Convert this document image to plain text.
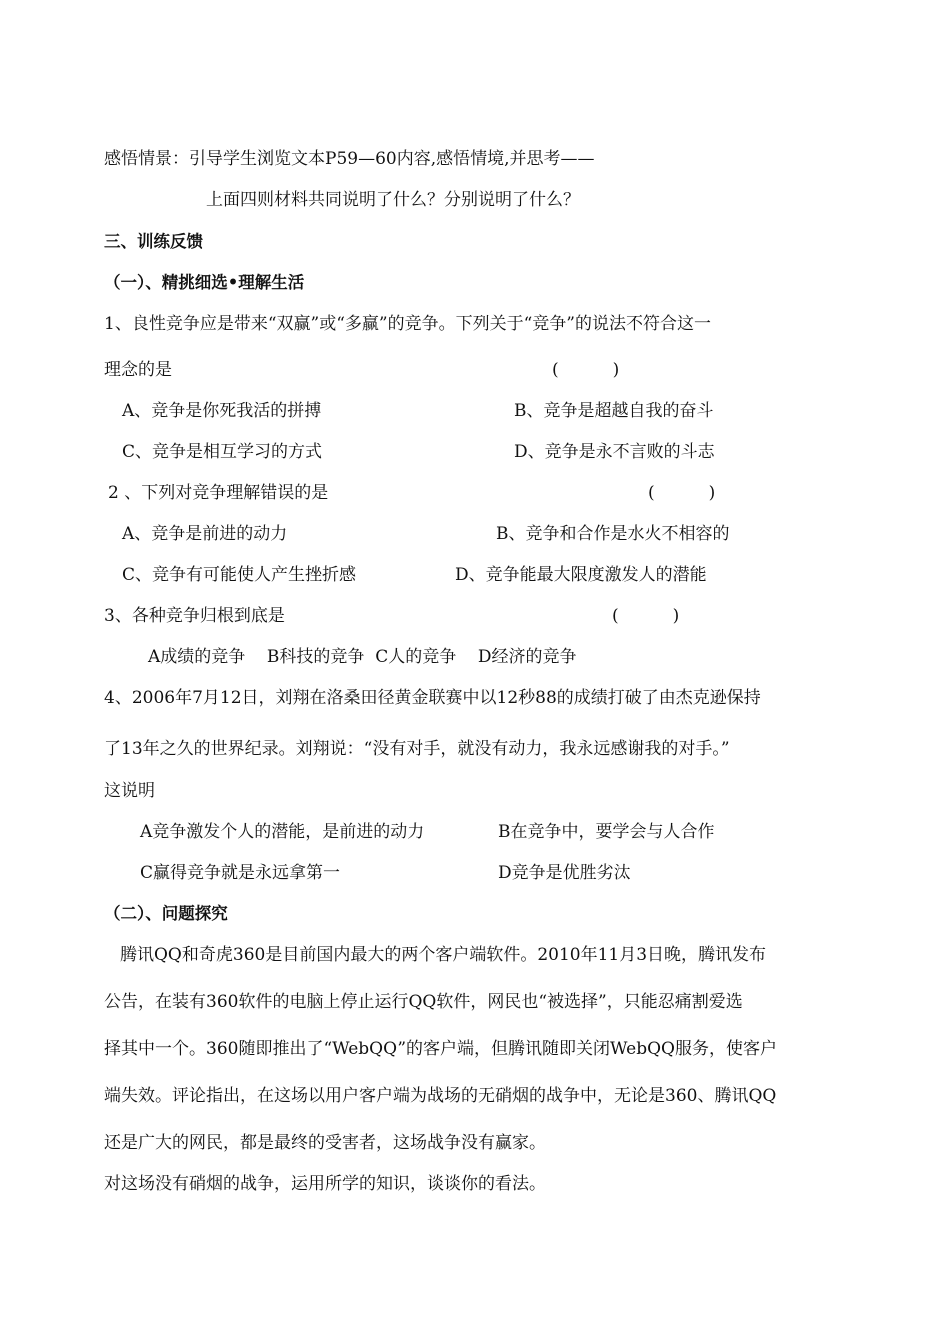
感悟情景：引导学生浏览文本P59—60内容,感悟情境,并思考——
上面四则材料共同说明了什么？分别说明了什么？
三、训练反馈
（一）、精挑细选•理解生活
1、良性竞争应是带来“双赢”或“多赢”的竞争。下列关于“竞争”的说法不符合这一
理念的是	(          )
A、竞争是你死我活的拼搏	B、竞争是超越自我的奋斗
C、竞争是相互学习的方式	D、竞争是永不言败的斗志
2 、下列对竞争理解错误的是	(          )
A、竞争是前进的动力	B、竞争和合作是水火不相容的
C、竞争有可能使人产生挫折感	D、竞争能最大限度激发人的潜能
3、各种竞争归根到底是	(          )
A成绩的竞争    B科技的竞争  C人的竞争    D经济的竞争
4、2006年7月12日，刘翔在洛桑田径黄金联赛中以12秒88的成绩打破了由杰克逊保持
了13年之久的世界纪录。刘翔说：“没有对手，就没有动力，我永远感谢我的对手。”
这说明
A竞争激发个人的潜能，是前进的动力	B在竞争中，要学会与人合作
C赢得竞争就是永远拿第一	D竞争是优胜劣汰
（二）、问题探究
腾讯QQ和奇虎360是目前国内最大的两个客户端软件。2010年11月3日晚，腾讯发布
公告，在装有360软件的电脑上停止运行QQ软件，网民也“被选择”，只能忍痛割爱选
择其中一个。360随即推出了“WebQQ”的客户端，但腾讯随即关闭WebQQ服务，使客户
端失效。评论指出，在这场以用户客户端为战场的无硝烟的战争中，无论是360、腾讯QQ
还是广大的网民，都是最终的受害者，这场战争没有赢家。
对这场没有硝烟的战争，运用所学的知识，谈谈你的看法。
